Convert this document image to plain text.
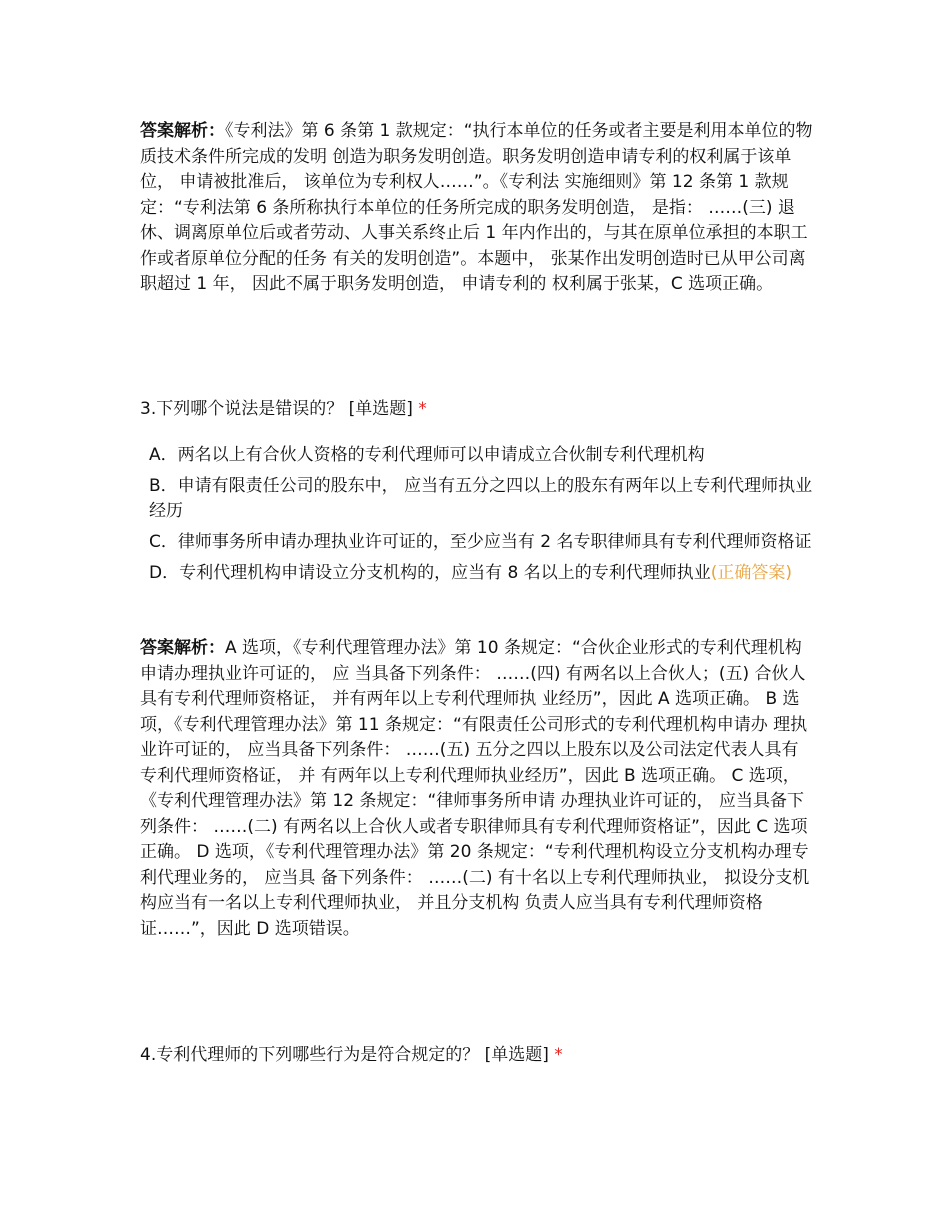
答案解析：《专利法》第 6 条第 1 款规定：“执行本单位的任务或者主要是利用本单位的物质技术条件所完成的发明 创造为职务发明创造。职务发明创造申请专利的权利属于该单位， 申请被批准后， 该单位为专利权人……”。《专利法 实施细则》第 12 条第 1 款规定：“专利法第 6 条所称执行本单位的任务所完成的职务发明创造， 是指： ……(三) 退 休、调离原单位后或者劳动、人事关系终止后 1 年内作出的，与其在原单位承担的本职工作或者原单位分配的任务 有关的发明创造”。本题中， 张某作出发明创造时已从甲公司离职超过 1 年， 因此不属于职务发明创造， 申请专利的 权利属于张某，C 选项正确。

3.下列哪个说法是错误的？ [单选题] *

A．两名以上有合伙人资格的专利代理师可以申请成立合伙制专利代理机构

B．申请有限责任公司的股东中， 应当有五分之四以上的股东有两年以上专利代理师执业经历

C．律师事务所申请办理执业许可证的，至少应当有 2 名专职律师具有专利代理师资格证

D．专利代理机构申请设立分支机构的，应当有 8 名以上的专利代理师执业(正确答案)

答案解析：A 选项，《专利代理管理办法》第 10 条规定：“合伙企业形式的专利代理机构申请办理执业许可证的， 应 当具备下列条件： ……(四) 有两名以上合伙人；(五) 合伙人具有专利代理师资格证， 并有两年以上专利代理师执 业经历”，因此 A 选项正确。 B 选项，《专利代理管理办法》第 11 条规定：“有限责任公司形式的专利代理机构申请办 理执业许可证的， 应当具备下列条件： ……(五) 五分之四以上股东以及公司法定代表人具有专利代理师资格证， 并 有两年以上专利代理师执业经历”，因此 B 选项正确。 C 选项，《专利代理管理办法》第 12 条规定：“律师事务所申请 办理执业许可证的， 应当具备下列条件： ……(二) 有两名以上合伙人或者专职律师具有专利代理师资格证”，因此 C 选项正确。 D 选项，《专利代理管理办法》第 20 条规定：“专利代理机构设立分支机构办理专利代理业务的， 应当具 备下列条件： ……(二) 有十名以上专利代理师执业， 拟设分支机构应当有一名以上专利代理师执业， 并且分支机构 负责人应当具有专利代理师资格证……”，因此 D 选项错误。

4.专利代理师的下列哪些行为是符合规定的？ [单选题] *
